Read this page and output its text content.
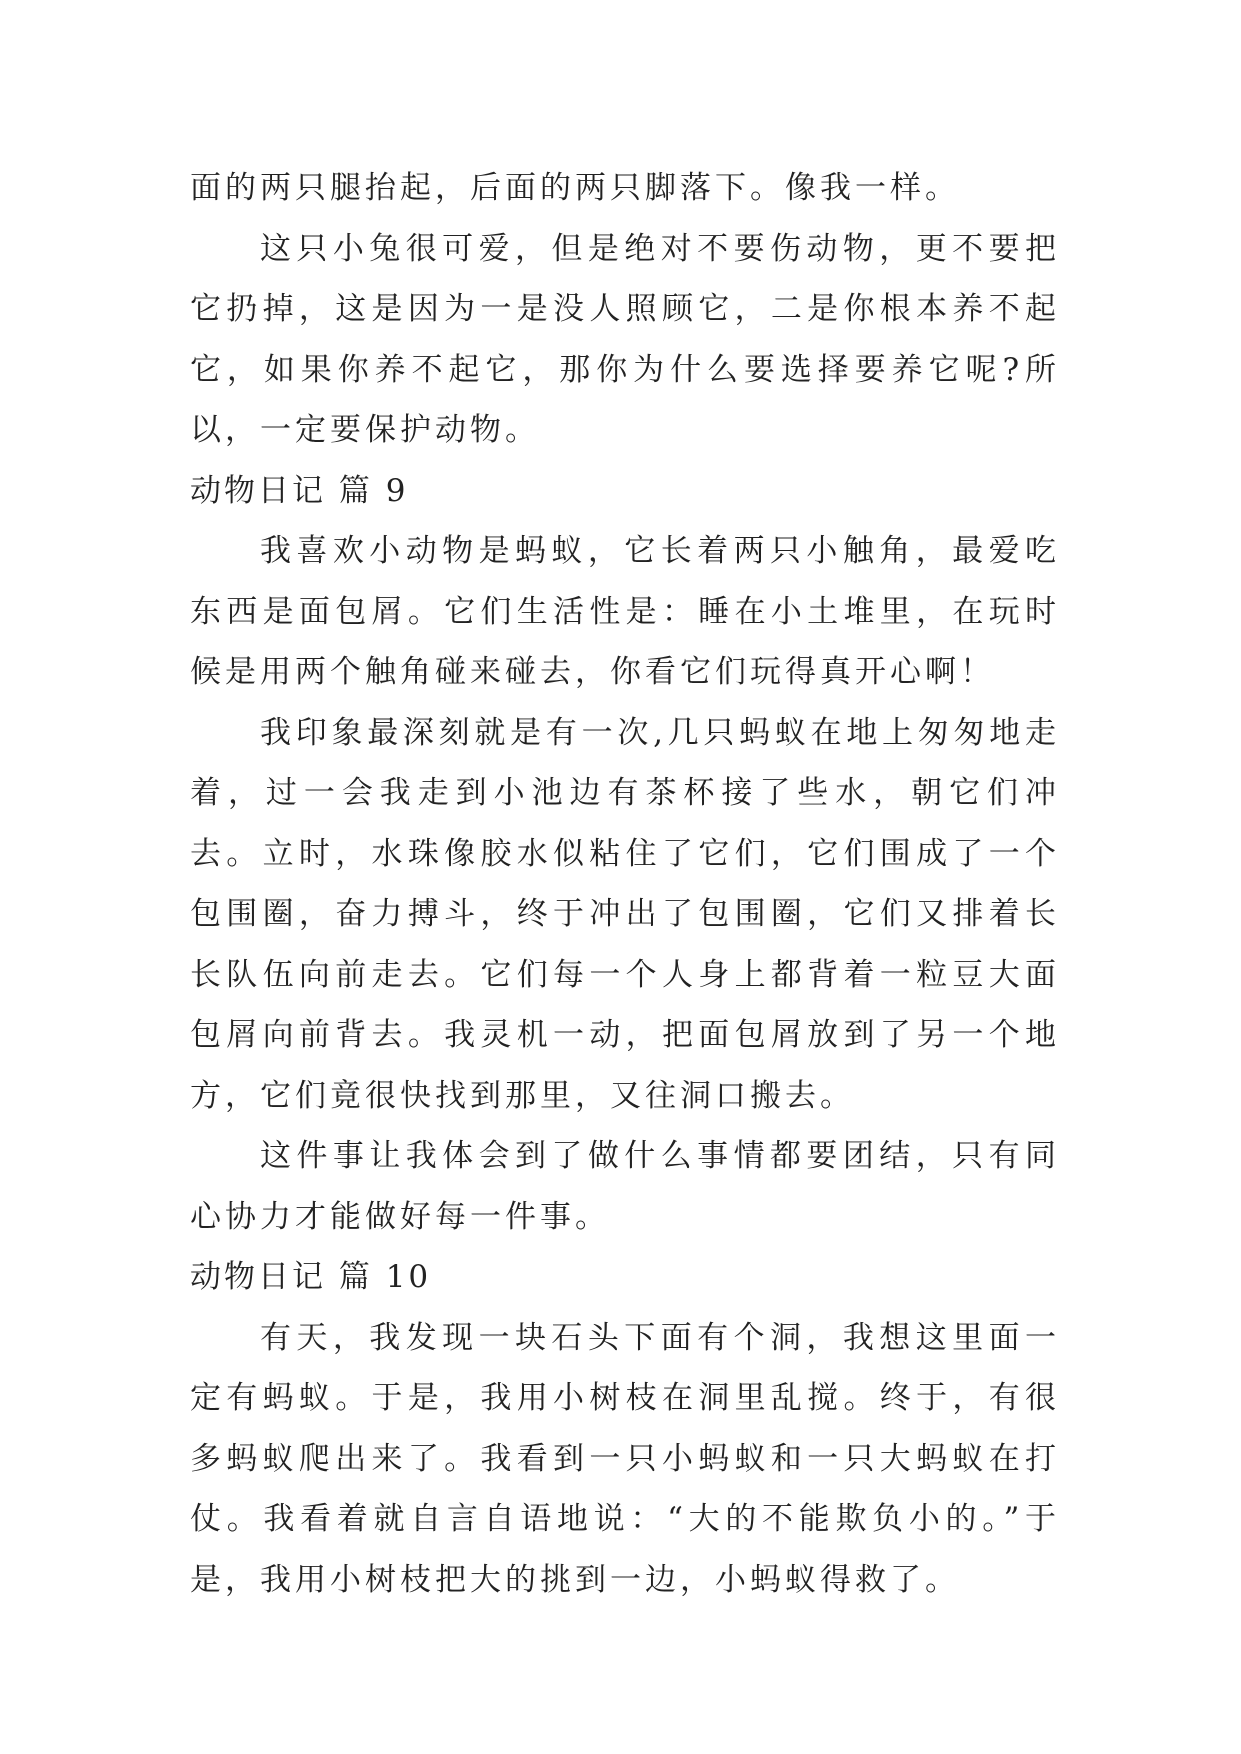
面的两只腿抬起，后面的两只脚落下。像我一样。

这只小兔很可爱，但是绝对不要伤动物，更不要把它扔掉，这是因为一是没人照顾它，二是你根本养不起它，如果你养不起它，那你为什么要选择要养它呢?所以，一定要保护动物。

动物日记 篇 9

我喜欢小动物是蚂蚁，它长着两只小触角，最爱吃东西是面包屑。它们生活性是：睡在小土堆里，在玩时候是用两个触角碰来碰去，你看它们玩得真开心啊！

我印象最深刻就是有一次,几只蚂蚁在地上匆匆地走着，过一会我走到小池边有茶杯接了些水，朝它们冲去。立时，水珠像胶水似粘住了它们，它们围成了一个包围圈，奋力搏斗，终于冲出了包围圈，它们又排着长长队伍向前走去。它们每一个人身上都背着一粒豆大面包屑向前背去。我灵机一动，把面包屑放到了另一个地方，它们竟很快找到那里，又往洞口搬去。

这件事让我体会到了做什么事情都要团结，只有同心协力才能做好每一件事。

动物日记 篇 10

有天，我发现一块石头下面有个洞，我想这里面一定有蚂蚁。于是，我用小树枝在洞里乱搅。终于，有很多蚂蚁爬出来了。我看到一只小蚂蚁和一只大蚂蚁在打仗。我看着就自言自语地说：“大的不能欺负小的。”于是，我用小树枝把大的挑到一边，小蚂蚁得救了。
